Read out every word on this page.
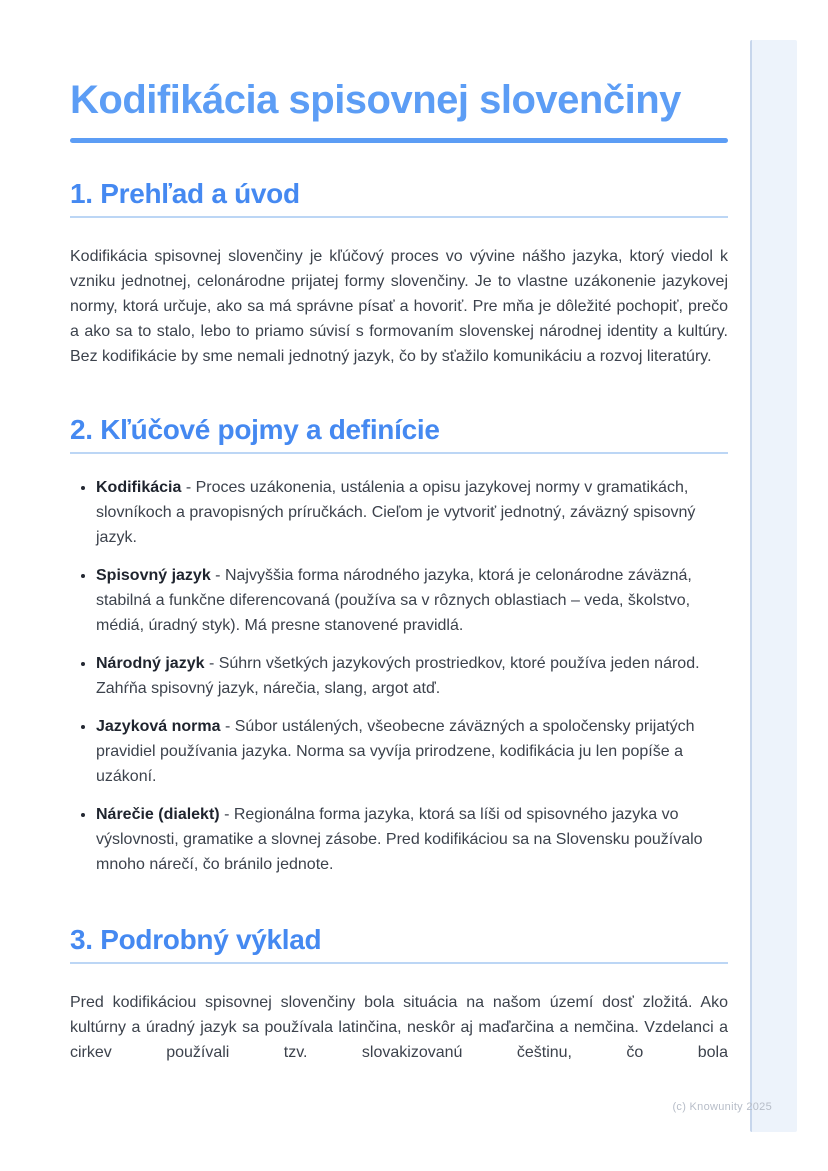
Kodifikácia spisovnej slovenčiny
1. Prehľad a úvod

Kodifikácia spisovnej slovenčiny je kľúčový proces vo vývine nášho jazyka, ktorý viedol k vzniku jednotnej, celonárodne prijatej formy slovenčiny. Je to vlastne uzákonenie jazykovej normy, ktorá určuje, ako sa má správne písať a hovoriť. Pre mňa je dôležité pochopiť, prečo a ako sa to stalo, lebo to priamo súvisí s formovaním slovenskej národnej identity a kultúry. Bez kodifikácie by sme nemali jednotný jazyk, čo by sťažilo komunikáciu a rozvoj literatúry.

2. Kľúčové pojmy a definície
• Kodifikácia - Proces uzákonenia, ustálenia a opisu jazykovej normy v gramatikách, slovníkoch a pravopisných príručkách. Cieľom je vytvoriť jednotný, záväzný spisovný jazyk.
• Spisovný jazyk - Najvyššia forma národného jazyka, ktorá je celonárodne záväzná, stabilná a funkčne diferencovaná (používa sa v rôznych oblastiach – veda, školstvo, médiá, úradný styk). Má presne stanovené pravidlá.
• Národný jazyk - Súhrn všetkých jazykových prostriedkov, ktoré používa jeden národ. Zahŕňa spisovný jazyk, nárečia, slang, argot atď.
• Jazyková norma - Súbor ustálených, všeobecne záväzných a spoločensky prijatých pravidiel používania jazyka. Norma sa vyvíja prirodzene, kodifikácia ju len popíše a uzákoní.
• Nárečie (dialekt) - Regionálna forma jazyka, ktorá sa líši od spisovného jazyka vo výslovnosti, gramatike a slovnej zásobe. Pred kodifikáciou sa na Slovensku používalo mnoho nárečí, čo bránilo jednote.
3. Podrobný výklad

Pred kodifikáciou spisovnej slovenčiny bola situácia na našom území dosť zložitá. Ako kultúrny a úradný jazyk sa používala latinčina, neskôr aj maďarčina a nemčina. Vzdelanci a cirkev používali tzv. slovakizovanú češtinu, čo bola

(c) Knowunity 2025
